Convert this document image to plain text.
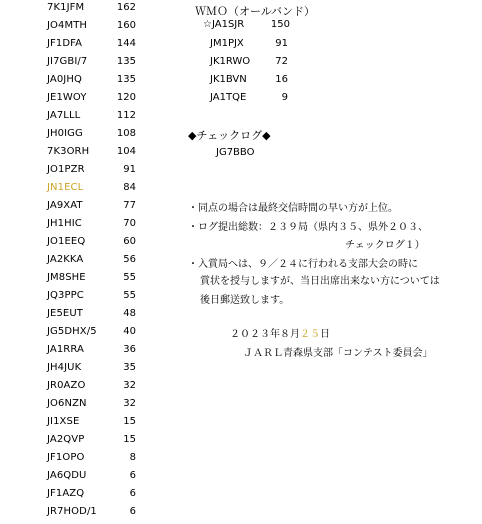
7K1JFM	162
JO4MTH	160
JF1DFA	144
JI7GBI/7	135
JA0JHQ	135
JE1WOY	120
JA7LLL	112
JH0IGG	108
7K3ORH	104
JO1PZR	91
JN1ECL	84
JA9XAT	77
JH1HIC	70
JO1EEQ	60
JA2KKA	56
JM8SHE	55
JQ3PPC	55
JE5EUT	48
JG5DHX/5	40
JA1RRA	36
JH4JUK	35
JR0AZO	32
JO6NZN	32
JI1XSE	15
JA2QVP	15
JF1OPO	8
JA6QDU	6
JF1AZQ	6
JR7HOD/1	6
ＷＭＯ（オールバンド）
☆JA1SJR	150
JM1PJX	91
JK1RWO	72
JK1BVN	16
JA1TQE	9
◆チェックログ◆
JG7BBO
・同点の場合は最終交信時間の早い方が上位。
・ログ提出総数：２３９局（県内３５、県外２０３、
チェックログ１）
・入賞局へは、９／２４に行われる支部大会の時に
賞状を授与しますが、当日出席出来ない方については
後日郵送致します。
２０２３年８月２５日
ＪＡＲＬ青森県支部「コンテスト委員会」
